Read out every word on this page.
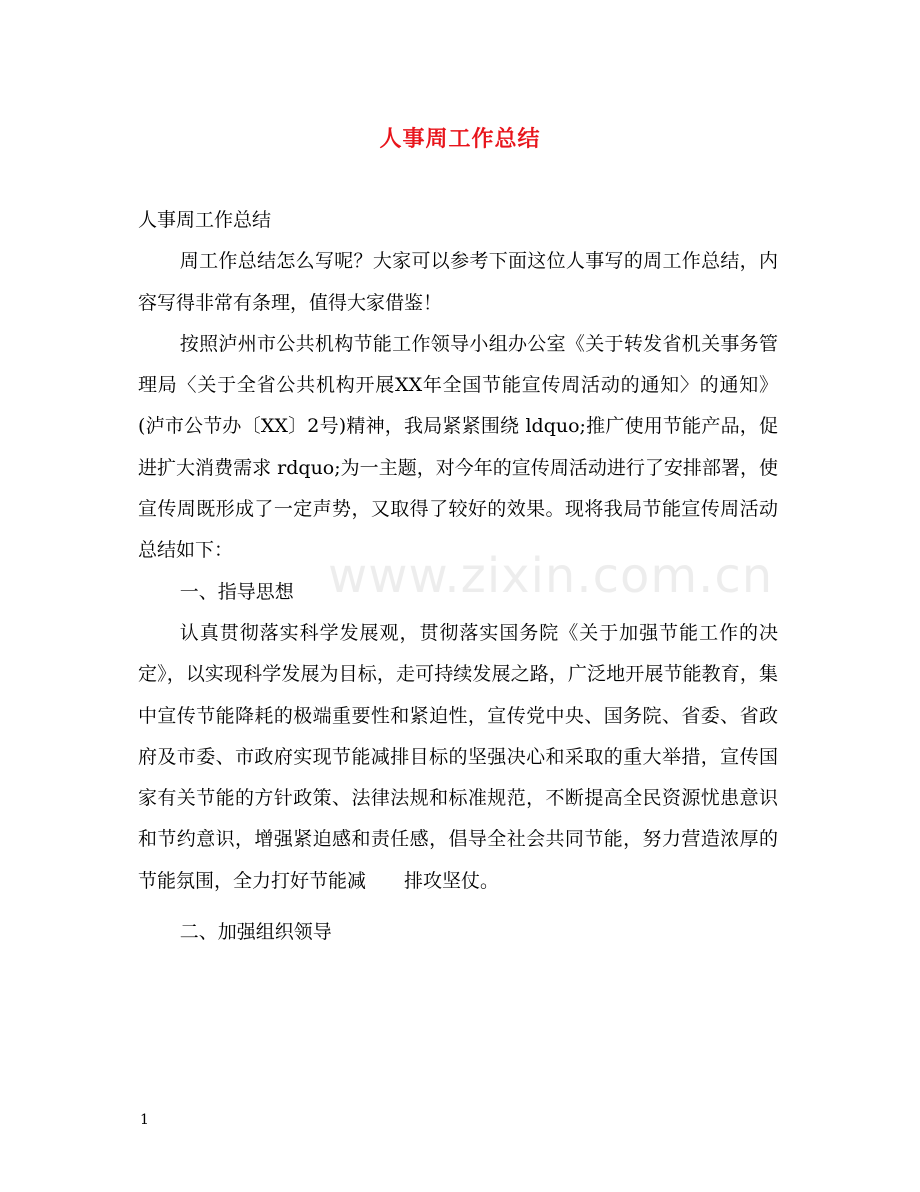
人事周工作总结

人事周工作总结

周工作总结怎么写呢？大家可以参考下面这位人事写的周工作总结，内容写得非常有条理，值得大家借鉴！

按照泸州市公共机构节能工作领导小组办公室《关于转发省机关事务管理局〈关于全省公共机构开展XX年全国节能宣传周活动的通知〉的通知》(泸市公节办〔XX〕2号)精神，我局紧紧围绕 ldquo;推广使用节能产品，促进扩大消费需求 rdquo;为一主题，对今年的宣传周活动进行了安排部署，使宣传周既形成了一定声势，又取得了较好的效果。现将我局节能宣传周活动总结如下：

一、指导思想

认真贯彻落实科学发展观，贯彻落实国务院《关于加强节能工作的决定》，以实现科学发展为目标，走可持续发展之路，广泛地开展节能教育，集中宣传节能降耗的极端重要性和紧迫性，宣传党中央、国务院、省委、省政府及市委、市政府实现节能减排目标的坚强决心和采取的重大举措，宣传国家有关节能的方针政策、法律法规和标准规范，不断提高全民资源忧患意识和节约意识，增强紧迫感和责任感，倡导全社会共同节能，努力营造浓厚的节能氛围，全力打好节能减　　排攻坚仗。

二、加强组织领导

www.zixin.com.cn
1
